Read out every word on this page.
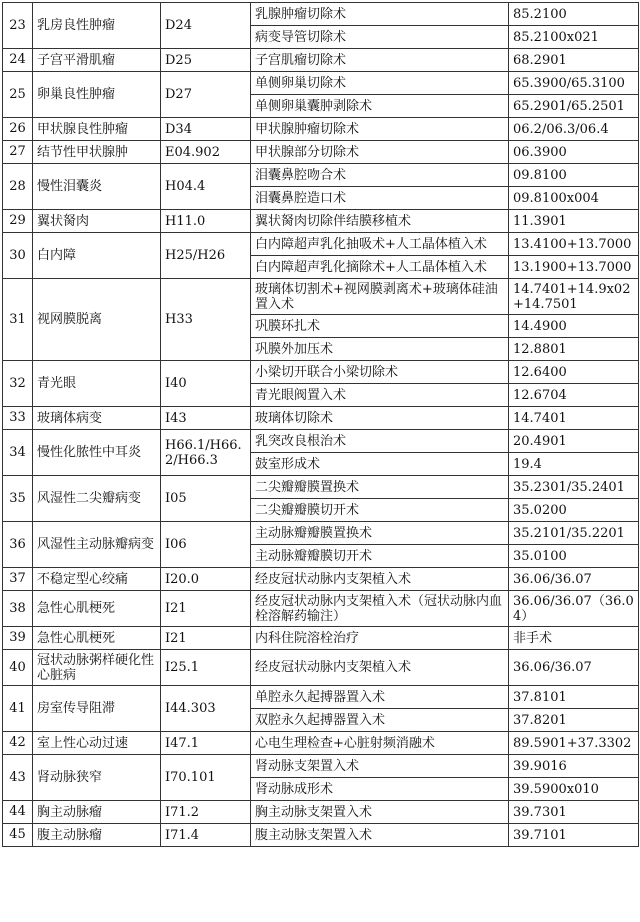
23	乳房良性肿瘤	D24	乳腺肿瘤切除术	85.2100
			病变导管切除术	85.2100x021
24	子宫平滑肌瘤	D25	子宫肌瘤切除术	68.2901
25	卵巢良性肿瘤	D27	单侧卵巢切除术	65.3900/65.3100
			单侧卵巢囊肿剥除术	65.2901/65.2501
26	甲状腺良性肿瘤	D34	甲状腺肿瘤切除术	06.2/06.3/06.4
27	结节性甲状腺肿	E04.902	甲状腺部分切除术	06.3900
28	慢性泪囊炎	H04.4	泪囊鼻腔吻合术	09.8100
			泪囊鼻腔造口术	09.8100x004
29	翼状胬肉	H11.0	翼状胬肉切除伴结膜移植术	11.3901
30	白内障	H25/H26	白内障超声乳化抽吸术+人工晶体植入术	13.4100+13.7000
			白内障超声乳化摘除术+人工晶体植入术	13.1900+13.7000
31	视网膜脱离	H33	玻璃体切割术+视网膜剥离术+玻璃体硅油置入术	14.7401+14.9x02+14.7501
			巩膜环扎术	14.4900
			巩膜外加压术	12.8801
32	青光眼	I40	小梁切开联合小梁切除术	12.6400
			青光眼阀置入术	12.6704
33	玻璃体病变	I43	玻璃体切除术	14.7401
34	慢性化脓性中耳炎	H66.1/H66.2/H66.3	乳突改良根治术	20.4901
			鼓室形成术	19.4
35	风湿性二尖瓣病变	I05	二尖瓣瓣膜置换术	35.2301/35.2401
			二尖瓣瓣膜切开术	35.0200
36	风湿性主动脉瓣病变	I06	主动脉瓣瓣膜置换术	35.2101/35.2201
			主动脉瓣瓣膜切开术	35.0100
37	不稳定型心绞痛	I20.0	经皮冠状动脉内支架植入术	36.06/36.07
38	急性心肌梗死	I21	经皮冠状动脉内支架植入术（冠状动脉内血栓溶解药输注）	36.06/36.07（36.04）
39	急性心肌梗死	I21	内科住院溶栓治疗	非手术
40	冠状动脉粥样硬化性心脏病	I25.1	经皮冠状动脉内支架植入术	36.06/36.07
41	房室传导阻滞	I44.303	单腔永久起搏器置入术	37.8101
			双腔永久起搏器置入术	37.8201
42	室上性心动过速	I47.1	心电生理检查+心脏射频消融术	89.5901+37.3302
43	肾动脉狭窄	I70.101	肾动脉支架置入术	39.9016
			肾动脉成形术	39.5900x010
44	胸主动脉瘤	I71.2	胸主动脉支架置入术	39.7301
45	腹主动脉瘤	I71.4	腹主动脉支架置入术	39.7101
